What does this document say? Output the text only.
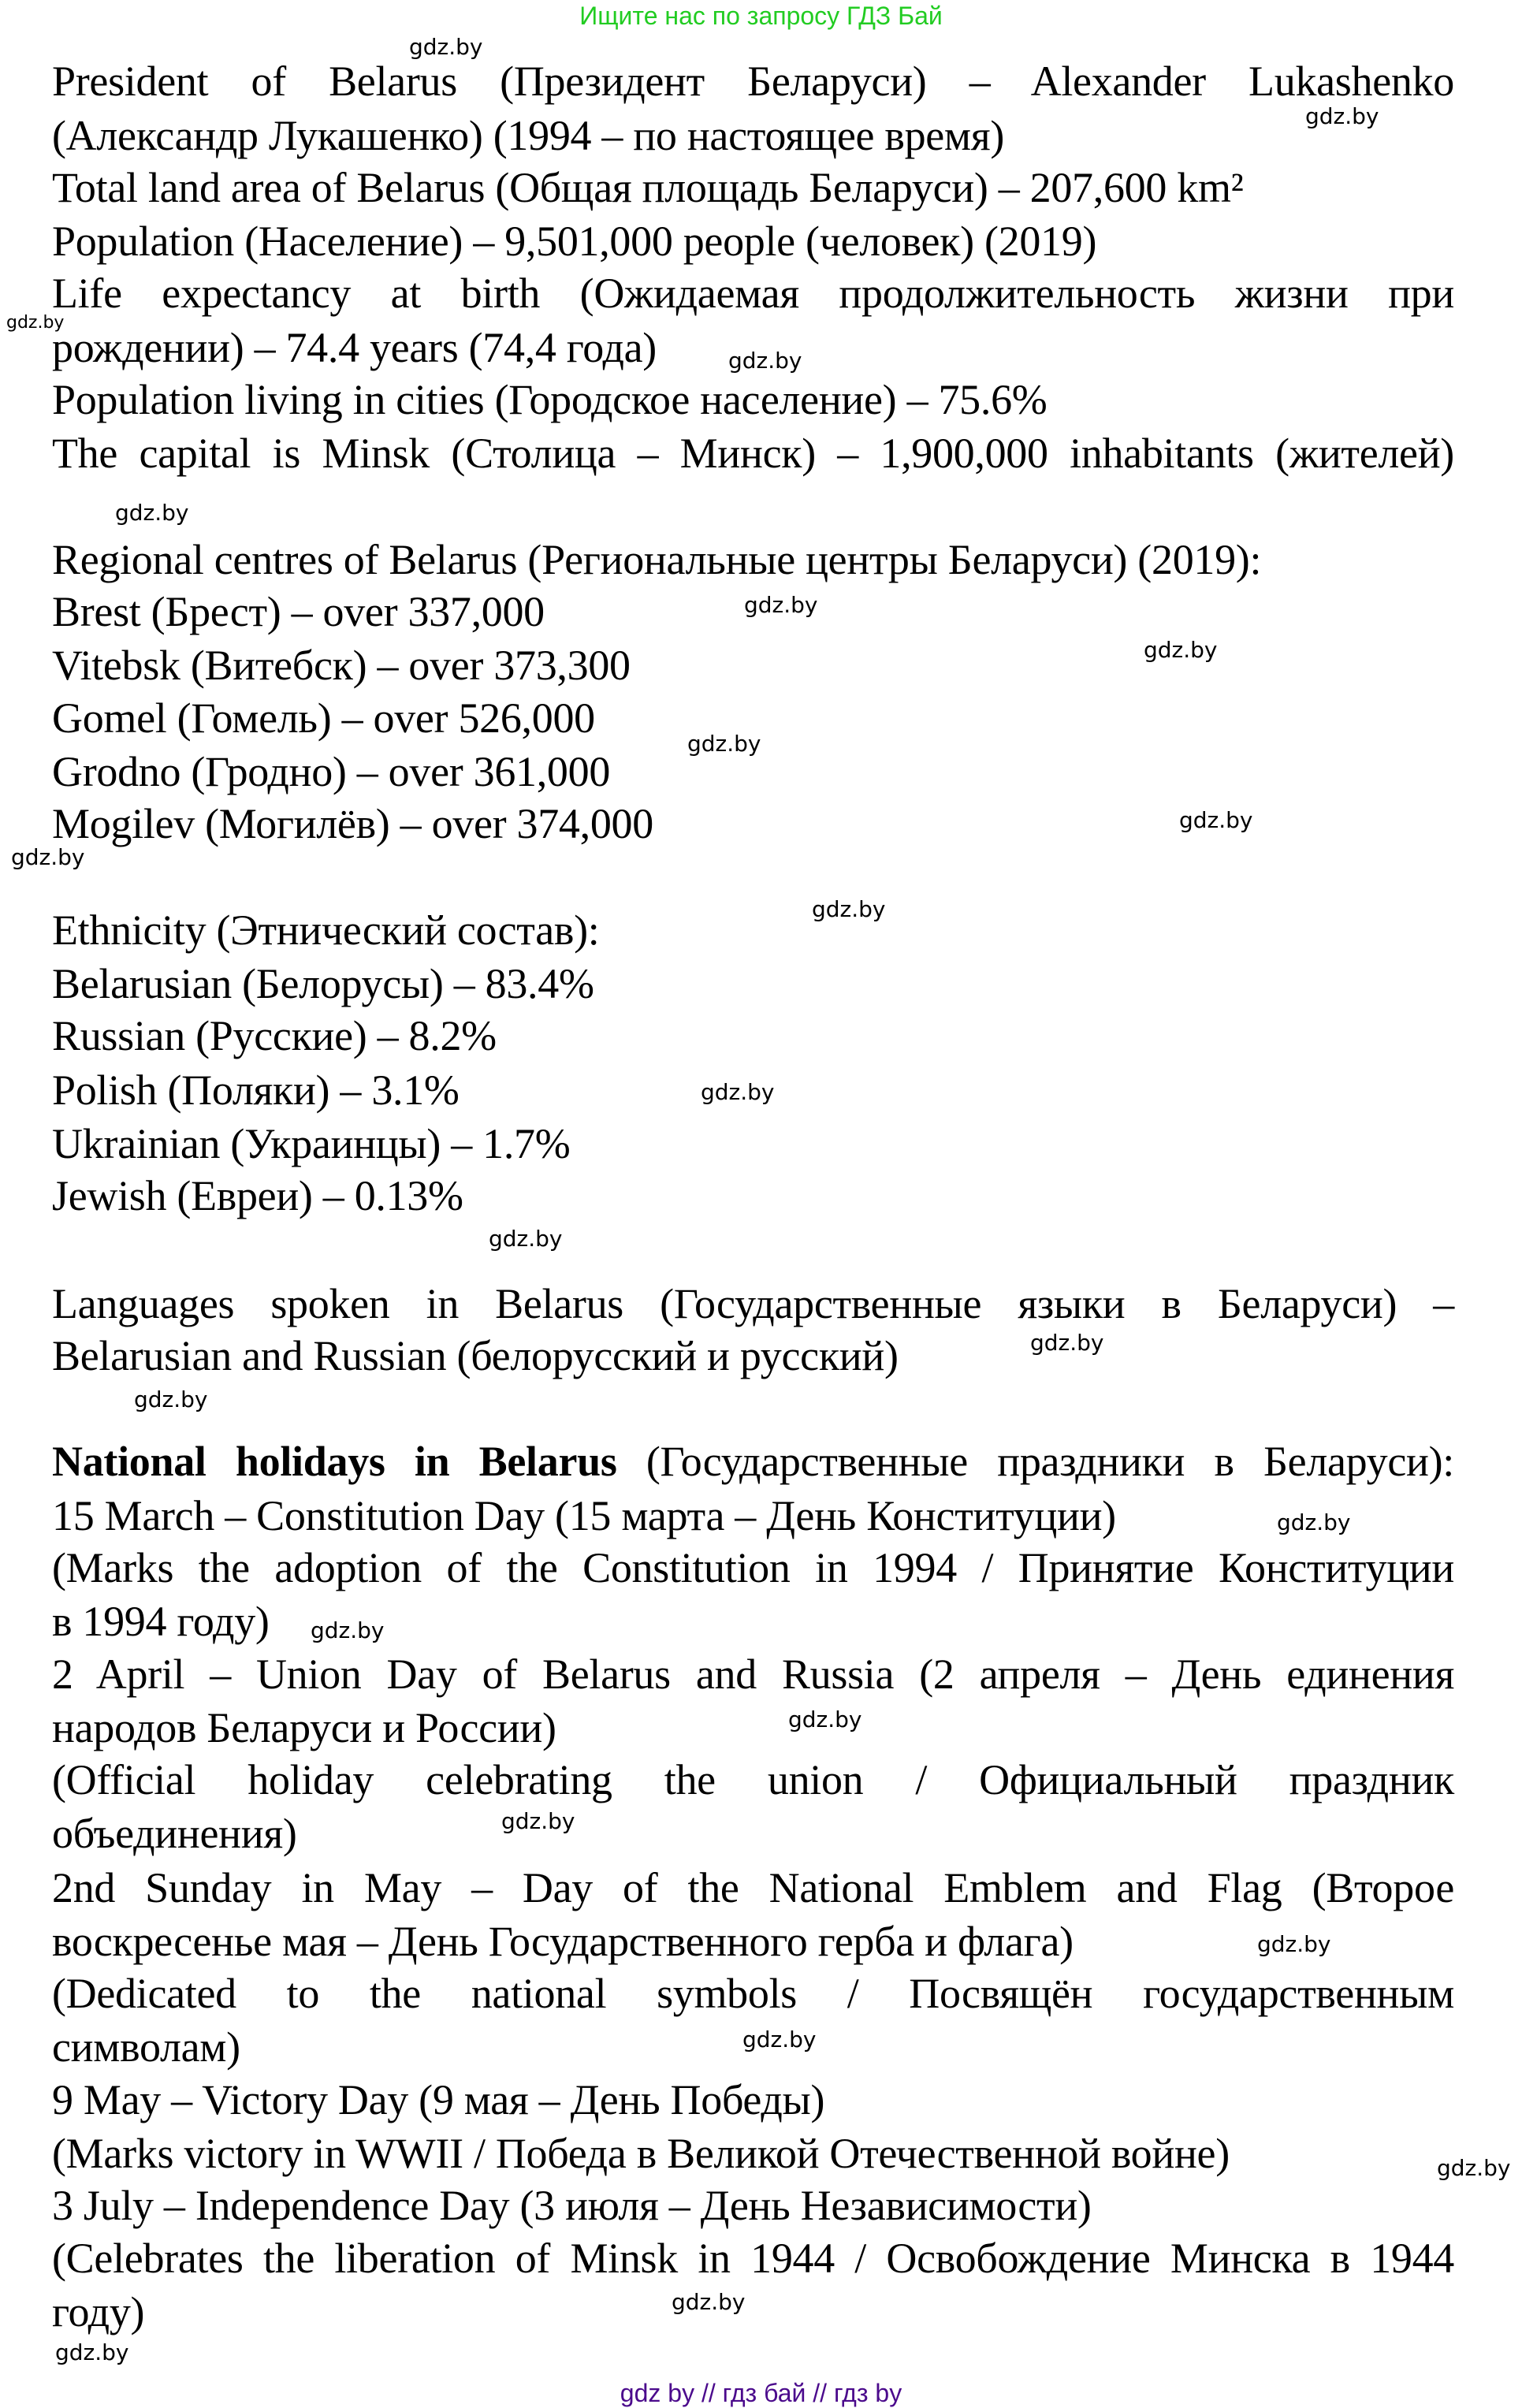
Ищите нас по запросу ГДЗ Бай
President of Belarus (Президент Беларуси) – Alexander Lukashenko
(Александр Лукашенко) (1994 – по настоящее время)
Total land area of Belarus (Общая площадь Беларуси) – 207,600 km²
Population (Население) – 9,501,000 people (человек) (2019)
Life expectancy at birth (Ожидаемая продолжительность жизни при
рождении) – 74.4 years (74,4 года)
Population living in cities (Городское население) – 75.6%
The capital is Minsk (Столица – Минск) – 1,900,000 inhabitants (жителей)
Regional centres of Belarus (Региональные центры Беларуси) (2019):
Brest (Брест) – over 337,000
Vitebsk (Витебск) – over 373,300
Gomel (Гомель) – over 526,000
Grodno (Гродно) – over 361,000
Mogilev (Могилёв) – over 374,000
Ethnicity (Этнический состав):
Belarusian (Белорусы) – 83.4%
Russian (Русские) – 8.2%
Polish (Поляки) – 3.1%
Ukrainian (Украинцы) – 1.7%
Jewish (Евреи) – 0.13%
Languages spoken in Belarus (Государственные языки в Беларуси) –
Belarusian and Russian (белорусский и русский)
National holidays in Belarus (Государственные праздники в Беларуси):
15 March – Constitution Day (15 марта – День Конституции)
(Marks the adoption of the Constitution in 1994 / Принятие Конституции
в 1994 году)
2 April – Union Day of Belarus and Russia (2 апреля – День единения
народов Беларуси и России)
(Official holiday celebrating the union / Официальный праздник
объединения)
2nd Sunday in May – Day of the National Emblem and Flag (Второе
воскресенье мая – День Государственного герба и флага)
(Dedicated to the national symbols / Посвящён государственным
символам)
9 May – Victory Day (9 мая – День Победы)
(Marks victory in WWII / Победа в Великой Отечественной войне)
3 July – Independence Day (3 июля – День Независимости)
(Celebrates the liberation of Minsk in 1944 / Освобождение Минска в 1944
году)
gdz.by
gdz.by
gdz.by
gdz.by
gdz.by
gdz.by
gdz.by
gdz.by
gdz.by
gdz.by
gdz.by
gdz.by
gdz.by
gdz.by
gdz.by
gdz.by
gdz.by
gdz.by
gdz.by
gdz.by
gdz.by
gdz.by
gdz.by
gdz.by
gdz by // гдз бай // гдз by
